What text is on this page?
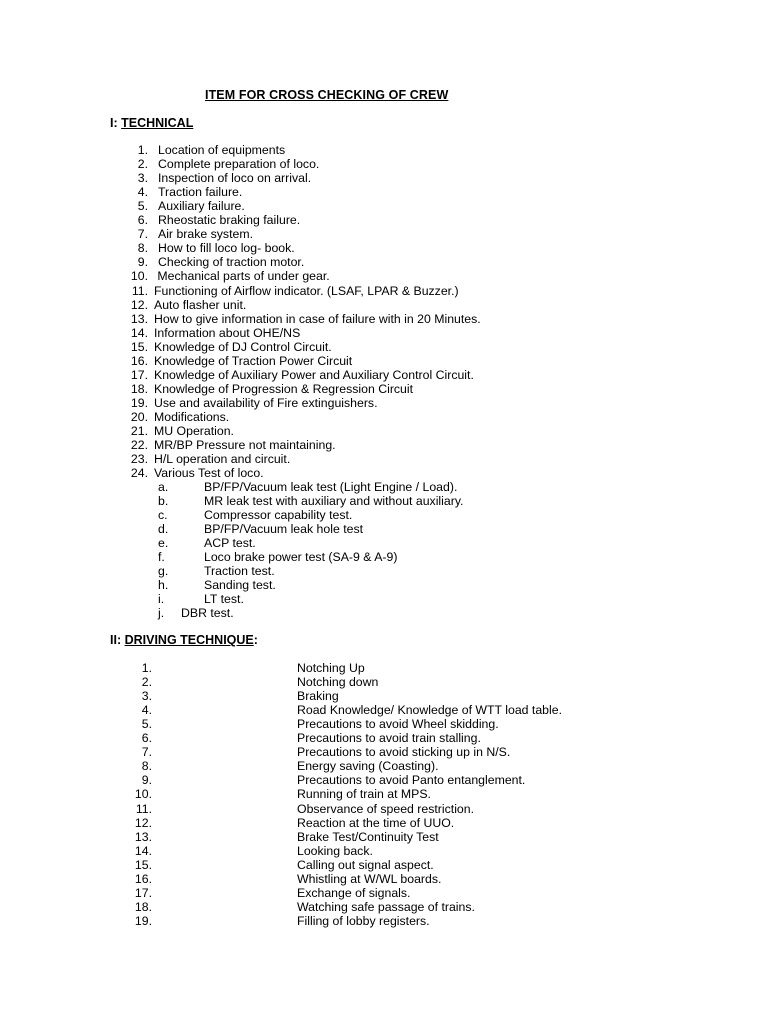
ITEM FOR CROSS CHECKING OF CREW
I: TECHNICAL
1. Location of equipments
2. Complete preparation of loco.
3. Inspection of loco on arrival.
4. Traction failure.
5. Auxiliary failure.
6. Rheostatic braking failure.
7. Air brake system.
8. How to fill loco log- book.
9. Checking of traction motor.
10. Mechanical parts of under gear.
11. Functioning of Airflow indicator. (LSAF, LPAR & Buzzer.)
12. Auto flasher unit.
13. How to give information in case of failure with in 20 Minutes.
14. Information about OHE/NS
15. Knowledge of DJ Control Circuit.
16. Knowledge of Traction Power Circuit
17. Knowledge of Auxiliary Power and Auxiliary Control Circuit.
18. Knowledge of Progression & Regression Circuit
19. Use and availability of Fire extinguishers.
20. Modifications.
21. MU Operation.
22. MR/BP Pressure not maintaining.
23. H/L operation and circuit.
24. Various Test of loco.
a.	BP/FP/Vacuum leak test (Light Engine / Load).
b.	MR leak test with auxiliary and without auxiliary.
c.	Compressor capability test.
d.	BP/FP/Vacuum leak hole test
e.	ACP test.
f.	Loco brake power test (SA-9 & A-9)
g.	Traction test.
h.	Sanding test.
i.	LT test.
j.	DBR test.
II: DRIVING TECHNIQUE:
1.	Notching Up
2.	Notching down
3.	Braking
4.	Road Knowledge/ Knowledge of WTT load table.
5.	Precautions to avoid Wheel skidding.
6.	Precautions to avoid train stalling.
7.	Precautions to avoid sticking up in N/S.
8.	Energy saving (Coasting).
9.	Precautions to avoid Panto entanglement.
10.	Running of train at MPS.
11.	Observance of speed restriction.
12.	Reaction at the time of UUO.
13.	Brake Test/Continuity Test
14.	Looking back.
15.	Calling out signal aspect.
16.	Whistling at W/WL boards.
17.	Exchange of signals.
18.	Watching safe passage of trains.
19.	Filling of lobby registers.
